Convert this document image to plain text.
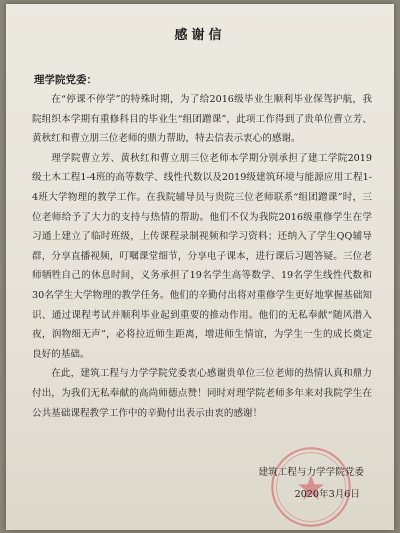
感谢信
理学院党委：

在“停课不停学”的特殊时期，为了给2016级毕业生顺利毕业保驾护航，我院组织本学期有重修科目的毕业生“组团蹭课”，此项工作得到了贵单位曹立芳、黄秋红和曹立朋三位老师的鼎力帮助，特去信表示衷心的感谢。

理学院曹立芳、黄秋红和曹立朋三位老师本学期分别承担了建工学院2019级土木工程1-4班的高等数学、线性代数以及2019级建筑环境与能源应用工程1-4班大学物理的教学工作。在我院辅导员与贵院三位老师联系“组团蹭课”时，三位老师给予了大力的支持与热情的帮助。他们不仅为我院2016级重修学生在学习通上建立了临时班级，上传课程录制视频和学习资料；还纳入了学生QQ辅导群，分享直播视频，叮嘱课堂细节，分享电子课本，进行课后习题答疑。三位老师牺牲自己的休息时间，义务承担了19名学生高等数学、19名学生线性代数和30名学生大学物理的教学任务。他们的辛勤付出将对重修学生更好地掌握基础知识、通过课程考试并顺利毕业起到重要的推动作用。他们的无私奉献“随风潜入夜，润物细无声”，必将拉近师生距离，增进师生情谊，为学生一生的成长奠定良好的基础。

在此，建筑工程与力学学院党委衷心感谢贵单位三位老师的热情认真和鼎力付出，为我们无私奉献的高尚师德点赞！同时对理学院老师多年来对我院学生在公共基础课程教学工作中的辛勤付出表示由衷的感谢！

建筑工程与力学学院党委
2020年3月6日
